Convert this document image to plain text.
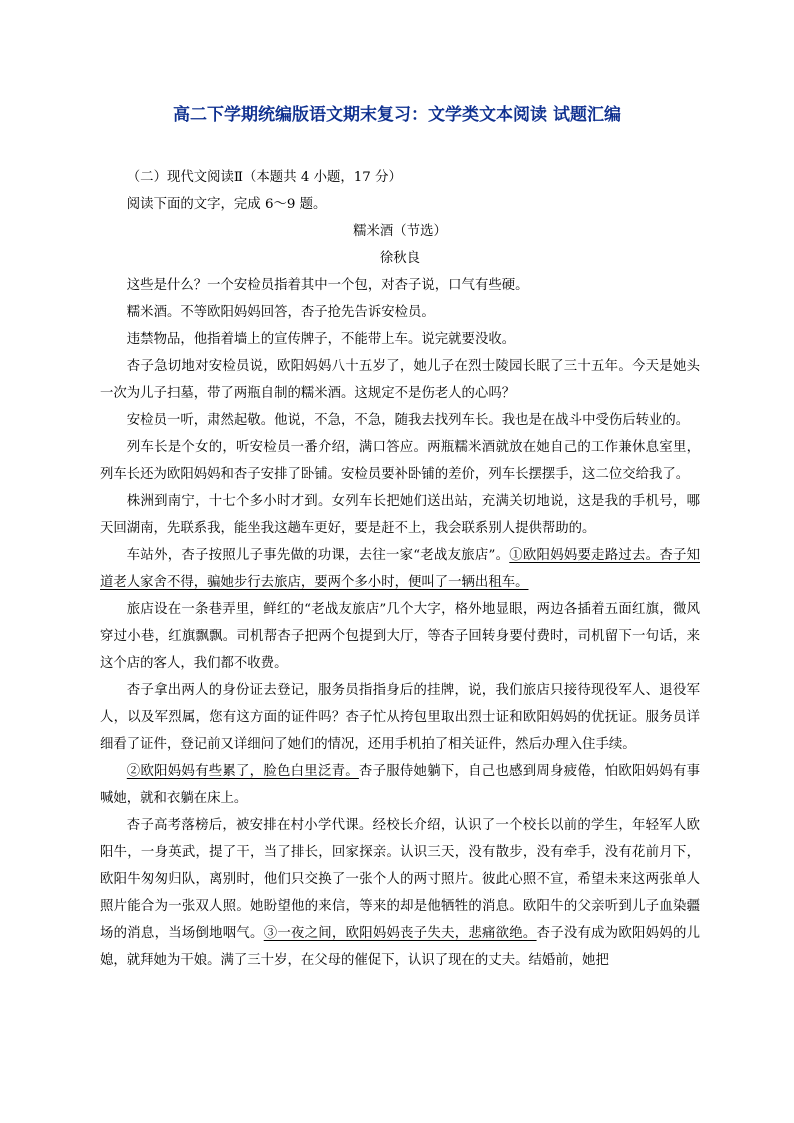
高二下学期统编版语文期末复习：文学类文本阅读 试题汇编
（二）现代文阅读Ⅱ（本题共 4 小题，17 分）
阅读下面的文字，完成 6～9 题。
糯米酒（节选）
徐秋良
这些是什么？一个安检员指着其中一个包，对杏子说，口气有些硬。
糯米酒。不等欧阳妈妈回答，杏子抢先告诉安检员。
违禁物品，他指着墙上的宣传牌子，不能带上车。说完就要没收。
杏子急切地对安检员说，欧阳妈妈八十五岁了，她儿子在烈士陵园长眠了三十五年。今天是她头一次为儿子扫墓，带了两瓶自制的糯米酒。这规定不是伤老人的心吗？
安检员一听，肃然起敬。他说，不急，不急，随我去找列车长。我也是在战斗中受伤后转业的。
列车长是个女的，听安检员一番介绍，满口答应。两瓶糯米酒就放在她自己的工作兼休息室里，列车长还为欧阳妈妈和杏子安排了卧铺。安检员要补卧铺的差价，列车长摆摆手，这二位交给我了。
株洲到南宁，十七个多小时才到。女列车长把她们送出站，充满关切地说，这是我的手机号，哪天回湖南，先联系我，能坐我这趟车更好，要是赶不上，我会联系别人提供帮助的。
车站外，杏子按照儿子事先做的功课，去往一家“老战友旅店”。①欧阳妈妈要走路过去。杏子知道老人家舍不得，骗她步行去旅店，要两个多小时，便叫了一辆出租车。
旅店设在一条巷弄里，鲜红的“老战友旅店”几个大字，格外地显眼，两边各插着五面红旗，微风穿过小巷，红旗飘飘。司机帮杏子把两个包提到大厅，等杏子回转身要付费时，司机留下一句话，来这个店的客人，我们都不收费。
杏子拿出两人的身份证去登记，服务员指指身后的挂牌，说，我们旅店只接待现役军人、退役军人，以及军烈属，您有这方面的证件吗？杏子忙从挎包里取出烈士证和欧阳妈妈的优抚证。服务员详细看了证件，登记前又详细问了她们的情况，还用手机拍了相关证件，然后办理入住手续。
②欧阳妈妈有些累了，脸色白里泛青。杏子服侍她躺下，自己也感到周身疲倦，怕欧阳妈妈有事喊她，就和衣躺在床上。
杏子高考落榜后，被安排在村小学代课。经校长介绍，认识了一个校长以前的学生，年轻军人欧阳牛，一身英武，提了干，当了排长，回家探亲。认识三天，没有散步，没有牵手，没有花前月下，欧阳牛匆匆归队，离别时，他们只交换了一张个人的两寸照片。彼此心照不宣，希望未来这两张单人照片能合为一张双人照。她盼望他的来信，等来的却是他牺牲的消息。欧阳牛的父亲听到儿子血染疆场的消息，当场倒地咽气。③一夜之间，欧阳妈妈丧子失夫，悲痛欲绝。杏子没有成为欧阳妈妈的儿媳，就拜她为干娘。满了三十岁，在父母的催促下，认识了现在的丈夫。结婚前，她把
